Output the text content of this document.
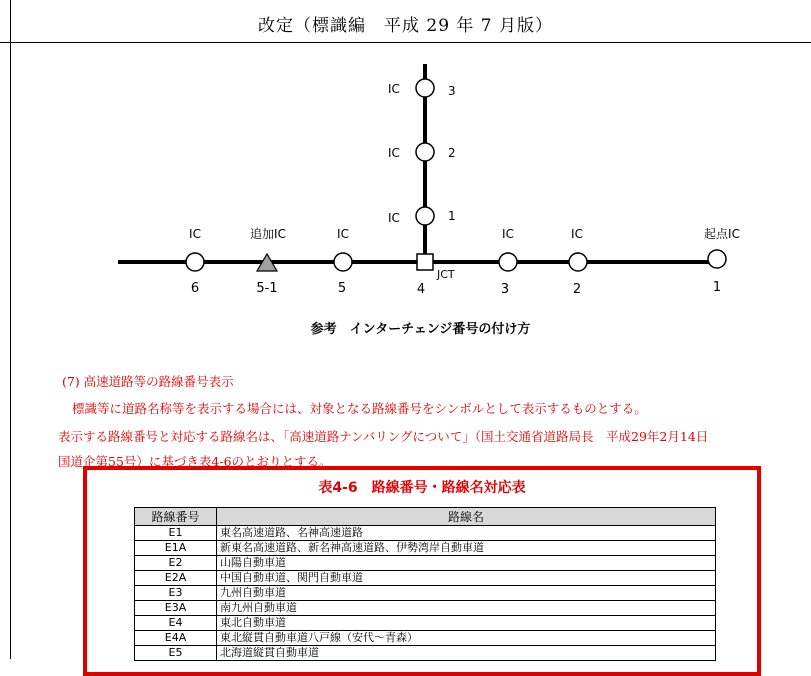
改定（標識編　平成 29 年 7 月版）
IC	3
IC	2
IC	1
IC
6
追加IC
5-1
IC
5
JCT
4
IC
3
IC
2
起点IC
1
参考　インターチェンジ番号の付け方
(7) 高速道路等の路線番号表示
標識等に道路名称等を表示する場合には、対象となる路線番号をシンボルとして表示するものとする。
表示する路線番号と対応する路線名は、「高速道路ナンバリングについて」（国土交通省道路局長　平成29年2月14日
国道企第55号）に基づき表4-6のとおりとする。
表4-6　路線番号・路線名対応表
路線番号	路線名
E1	東名高速道路、名神高速道路
E1A	新東名高速道路、新名神高速道路、伊勢湾岸自動車道
E2	山陽自動車道
E2A	中国自動車道、関門自動車道
E3	九州自動車道
E3A	南九州自動車道
E4	東北自動車道
E4A	東北縦貫自動車道八戸線（安代～青森）
E5	北海道縦貫自動車道
